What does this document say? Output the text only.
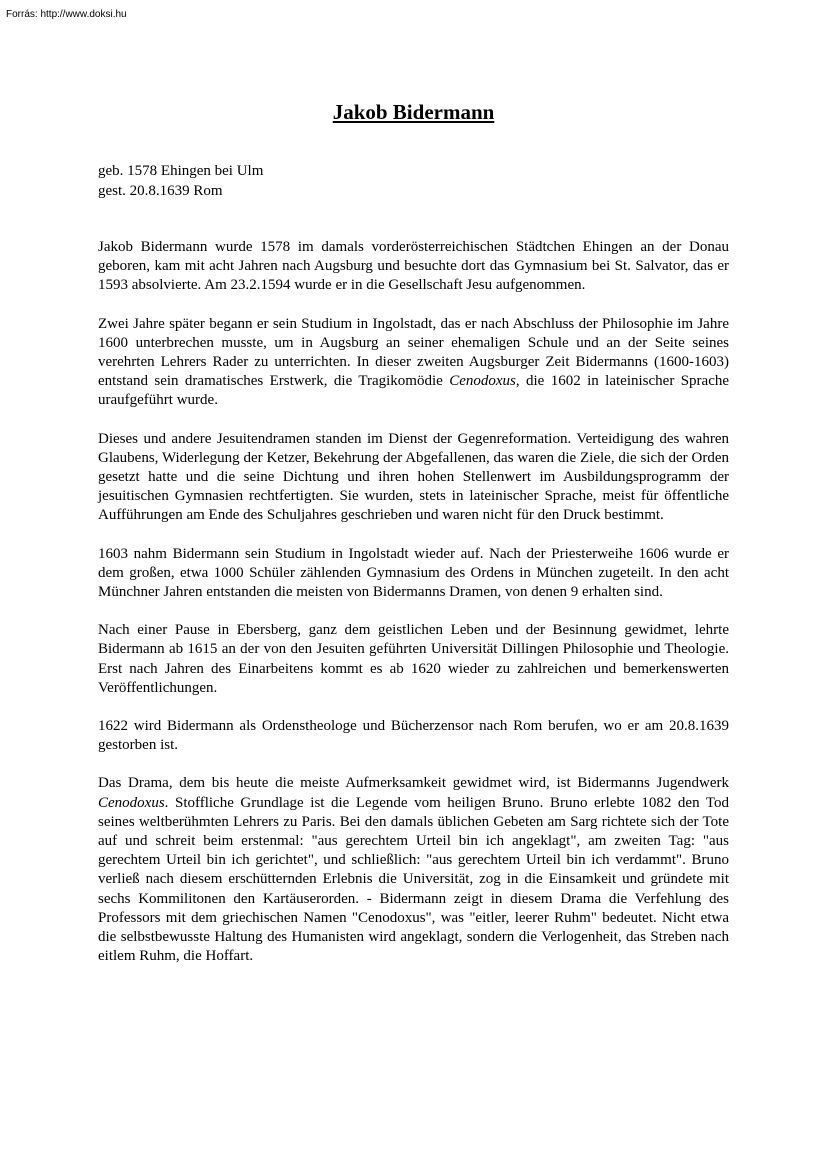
Forrás: http://www.doksi.hu
Jakob Bidermann

geb. 1578 Ehingen bei Ulm

gest. 20.8.1639 Rom

Jakob Bidermann wurde 1578 im damals vorderösterreichischen Städtchen Ehingen an der Donau geboren, kam mit acht Jahren nach Augsburg und besuchte dort das Gymnasium bei St. Salvator, das er 1593 absolvierte. Am 23.2.1594 wurde er in die Gesellschaft Jesu aufgenommen.

Zwei Jahre später begann er sein Studium in Ingolstadt, das er nach Abschluss der Philosophie im Jahre 1600 unterbrechen musste, um in Augsburg an seiner ehemaligen Schule und an der Seite seines verehrten Lehrers Rader zu unterrichten. In dieser zweiten Augsburger Zeit Bidermanns (1600-1603) entstand sein dramatisches Erstwerk, die Tragikomödie Cenodoxus, die 1602 in lateinischer Sprache uraufgeführt wurde.

Dieses und andere Jesuitendramen standen im Dienst der Gegenreformation. Verteidigung des wahren Glaubens, Widerlegung der Ketzer, Bekehrung der Abgefallenen, das waren die Ziele, die sich der Orden gesetzt hatte und die seine Dichtung und ihren hohen Stellenwert im Ausbildungsprogramm der jesuitischen Gymnasien rechtfertigten. Sie wurden, stets in lateinischer Sprache, meist für öffentliche Aufführungen am Ende des Schuljahres geschrieben und waren nicht für den Druck bestimmt.

1603 nahm Bidermann sein Studium in Ingolstadt wieder auf. Nach der Priesterweihe 1606 wurde er dem großen, etwa 1000 Schüler zählenden Gymnasium des Ordens in München zugeteilt. In den acht Münchner Jahren entstanden die meisten von Bidermanns Dramen, von denen 9 erhalten sind.

Nach einer Pause in Ebersberg, ganz dem geistlichen Leben und der Besinnung gewidmet, lehrte Bidermann ab 1615 an der von den Jesuiten geführten Universität Dillingen Philosophie und Theologie. Erst nach Jahren des Einarbeitens kommt es ab 1620 wieder zu zahlreichen und bemerkenswerten Veröffentlichungen.

1622 wird Bidermann als Ordenstheologe und Bücherzensor nach Rom berufen, wo er am 20.8.1639 gestorben ist.

Das Drama, dem bis heute die meiste Aufmerksamkeit gewidmet wird, ist Bidermanns Jugendwerk Cenodoxus. Stoffliche Grundlage ist die Legende vom heiligen Bruno. Bruno erlebte 1082 den Tod seines weltberühmten Lehrers zu Paris. Bei den damals üblichen Gebeten am Sarg richtete sich der Tote auf und schreit beim erstenmal: "aus gerechtem Urteil bin ich angeklagt", am zweiten Tag: "aus gerechtem Urteil bin ich gerichtet", und schließlich: "aus gerechtem Urteil bin ich verdammt". Bruno verließ nach diesem erschütternden Erlebnis die Universität, zog in die Einsamkeit und gründete mit sechs Kommilitonen den Kartäuserorden. - Bidermann zeigt in diesem Drama die Verfehlung des Professors mit dem griechischen Namen "Cenodoxus", was "eitler, leerer Ruhm" bedeutet. Nicht etwa die selbstbewusste Haltung des Humanisten wird angeklagt, sondern die Verlogenheit, das Streben nach eitlem Ruhm, die Hoffart.
